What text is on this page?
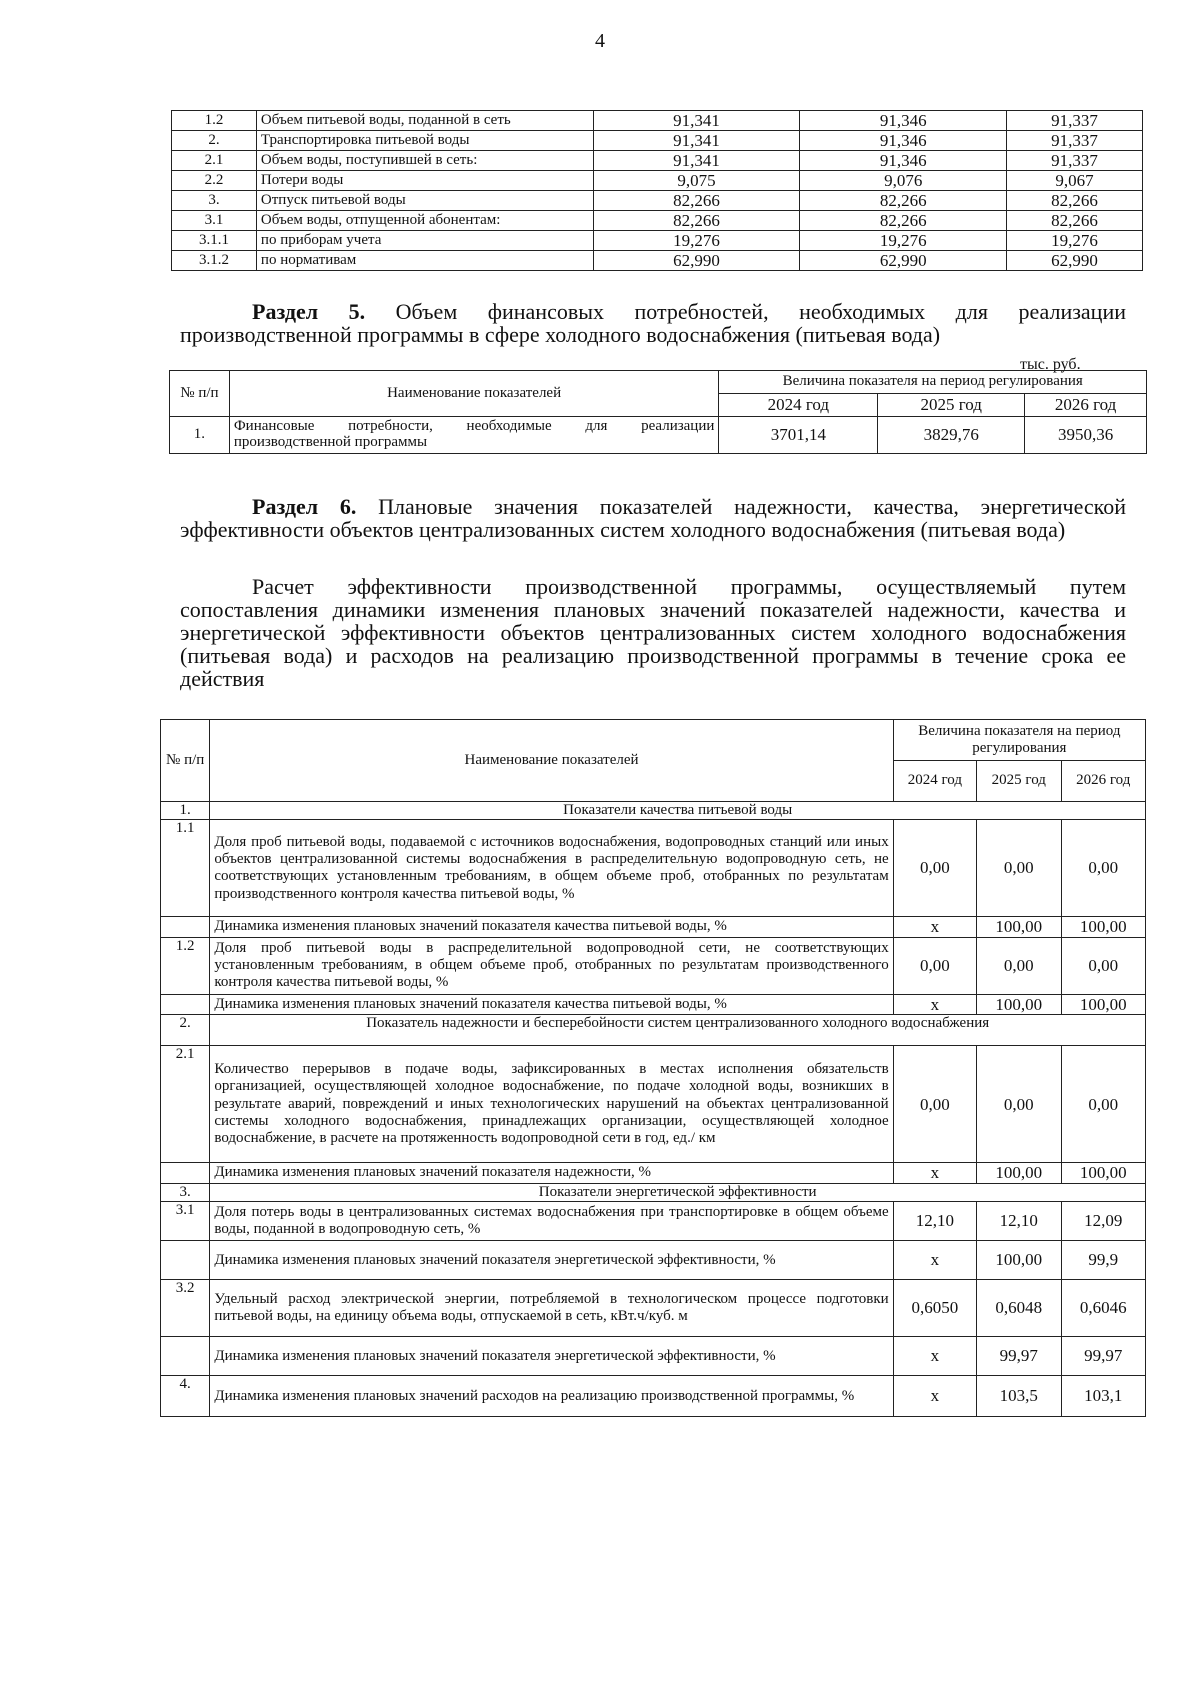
4
1.2	Объем питьевой воды, поданной в сеть	91,341	91,346	91,337
2.	Транспортировка питьевой воды	91,341	91,346	91,337
2.1	Объем воды, поступившей в сеть:	91,341	91,346	91,337
2.2	Потери воды	9,075	9,076	9,067
3.	Отпуск питьевой воды	82,266	82,266	82,266
3.1	Объем воды, отпущенной абонентам:	82,266	82,266	82,266
3.1.1	по приборам учета	19,276	19,276	19,276
3.1.2	по нормативам	62,990	62,990	62,990
Раздел 5. Объем финансовых потребностей, необходимых для реализации производственной программы в сфере холодного водоснабжения (питьевая вода)
тыс. руб.
№ п/п	Наименование показателей	Величина показателя на период регулирования		
		2024 год	2025 год	2026 год
1.	Финансовые потребности, необходимые для реализации производственной программы	3701,14	3829,76	3950,36
Раздел 6. Плановые значения показателей надежности, качества, энергетической эффективности объектов централизованных систем холодного водоснабжения (питьевая вода)
Расчет эффективности производственной программы, осуществляемый путем сопоставления динамики изменения плановых значений показателей надежности, качества и энергетической эффективности объектов централизованных систем холодного водоснабжения (питьевая вода) и расходов на реализацию производственной программы в течение срока ее действия
№ п/п	Наименование показателей	Величина показателя на период регулирования		
		2024 год	2025 год	2026 год
1.	Показатели качества питьевой воды			
1.1	Доля проб питьевой воды, подаваемой с источников водоснабжения, водопроводных станций или иных объектов централизованной системы водоснабжения в распределительную водопроводную сеть, не соответствующих установленным требованиям, в общем объеме проб, отобранных по результатам производственного контроля качества питьевой воды, %	0,00	0,00	0,00
	Динамика изменения плановых значений показателя качества питьевой воды, %	х	100,00	100,00
1.2	Доля проб питьевой воды в распределительной водопроводной сети, не соответствующих установленным требованиям, в общем объеме проб, отобранных по результатам производственного контроля качества питьевой воды, %	0,00	0,00	0,00
	Динамика изменения плановых значений показателя качества питьевой воды, %	х	100,00	100,00
2.	Показатель надежности и бесперебойности систем централизованного холодного водоснабжения			
2.1	Количество перерывов в подаче воды, зафиксированных в местах исполнения обязательств организацией, осуществляющей холодное водоснабжение, по подаче холодной воды, возникших в результате аварий, повреждений и иных технологических нарушений на объектах централизованной системы холодного водоснабжения, принадлежащих организации, осуществляющей холодное водоснабжение, в расчете на протяженность водопроводной сети в год, ед./ км	0,00	0,00	0,00
	Динамика изменения плановых значений показателя надежности, %	х	100,00	100,00
3.	Показатели энергетической эффективности			
3.1	Доля потерь воды в централизованных системах водоснабжения при транспортировке в общем объеме воды, поданной в водопроводную сеть, %	12,10	12,10	12,09
	Динамика изменения плановых значений показателя энергетической эффективности, %	х	100,00	99,9
3.2	Удельный расход электрической энергии, потребляемой в технологическом процессе подготовки питьевой воды, на единицу объема воды, отпускаемой в сеть, кВт.ч/куб. м	0,6050	0,6048	0,6046
	Динамика изменения плановых значений показателя энергетической эффективности, %	х	99,97	99,97
4.	Динамика изменения плановых значений расходов на реализацию производственной программы, %	х	103,5	103,1
